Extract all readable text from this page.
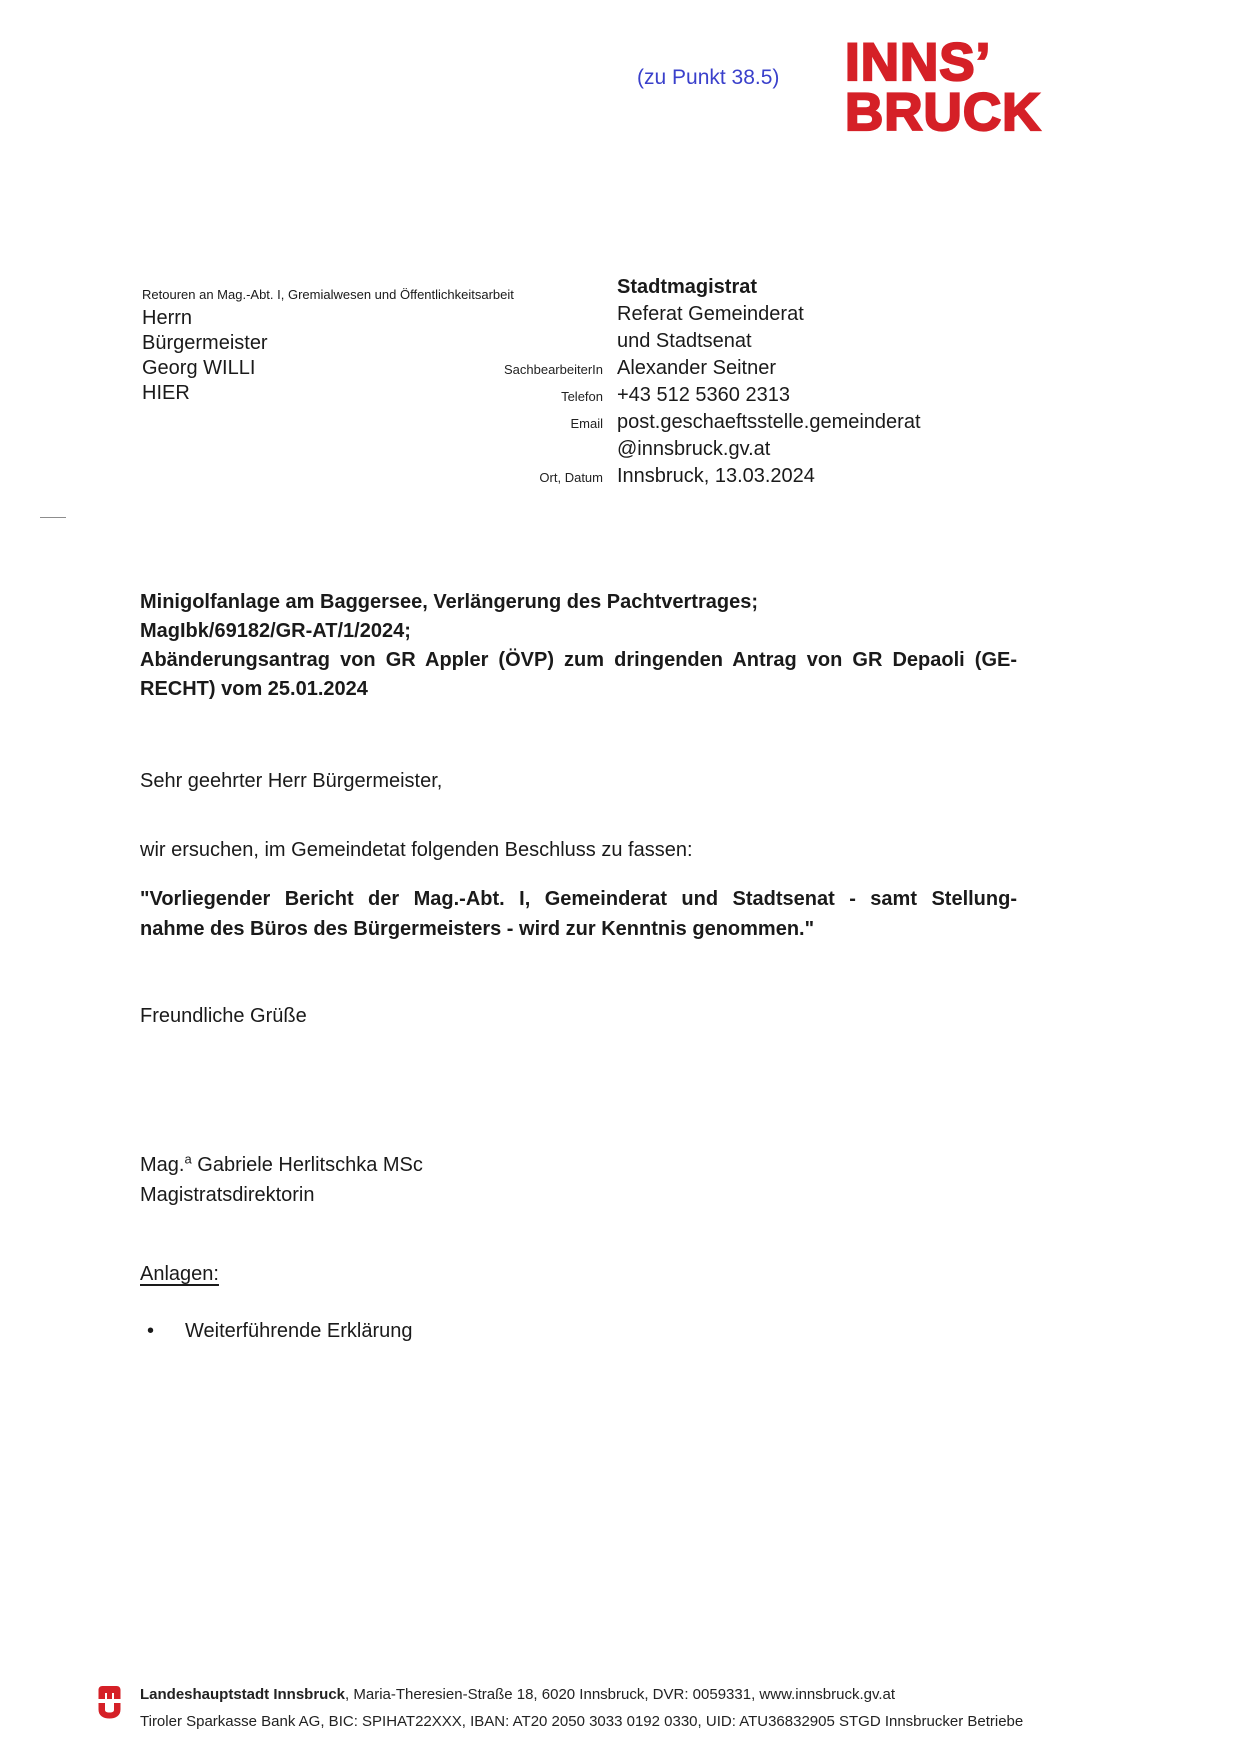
(zu Punkt 38.5) INNS’
BRUCK
Retouren an Mag.-Abt. I, Gremialwesen und Öffentlichkeitsarbeit
Herrn
Bürgermeister
Georg WILLI
HIER
Stadtmagistrat
Referat Gemeinderat
und Stadtsenat
SachbearbeiterIn Alexander Seitner
Telefon +43 512 5360 2313
Email post.geschaeftsstelle.gemeinderat
@innsbruck.gv.at
Ort, Datum Innsbruck, 13.03.2024
Minigolfanlage am Baggersee, Verlängerung des Pachtvertrages;
MagIbk/69182/GR-AT/1/2024;
Abänderungsantrag von GR Appler (ÖVP) zum dringenden Antrag von GR Depaoli (GE-
RECHT) vom 25.01.2024
Sehr geehrter Herr Bürgermeister,
wir ersuchen, im Gemeindetat folgenden Beschluss zu fassen:
"Vorliegender Bericht der Mag.-Abt. I, Gemeinderat und Stadtsenat - samt Stellung-
nahme des Büros des Bürgermeisters - wird zur Kenntnis genommen."
Freundliche Grüße
Mag.$^a$ Gabriele Herlitschka MSc
Magistratsdirektorin
Anlagen:
•	Weiterführende Erklärung
Landeshauptstadt Innsbruck, Maria-Theresien-Straße 18, 6020 Innsbruck, DVR: 0059331, www.innsbruck.gv.at
Tiroler Sparkasse Bank AG, BIC: SPIHAT22XXX, IBAN: AT20 2050 3033 0192 0330, UID: ATU36832905 STGD Innsbrucker Betriebe
